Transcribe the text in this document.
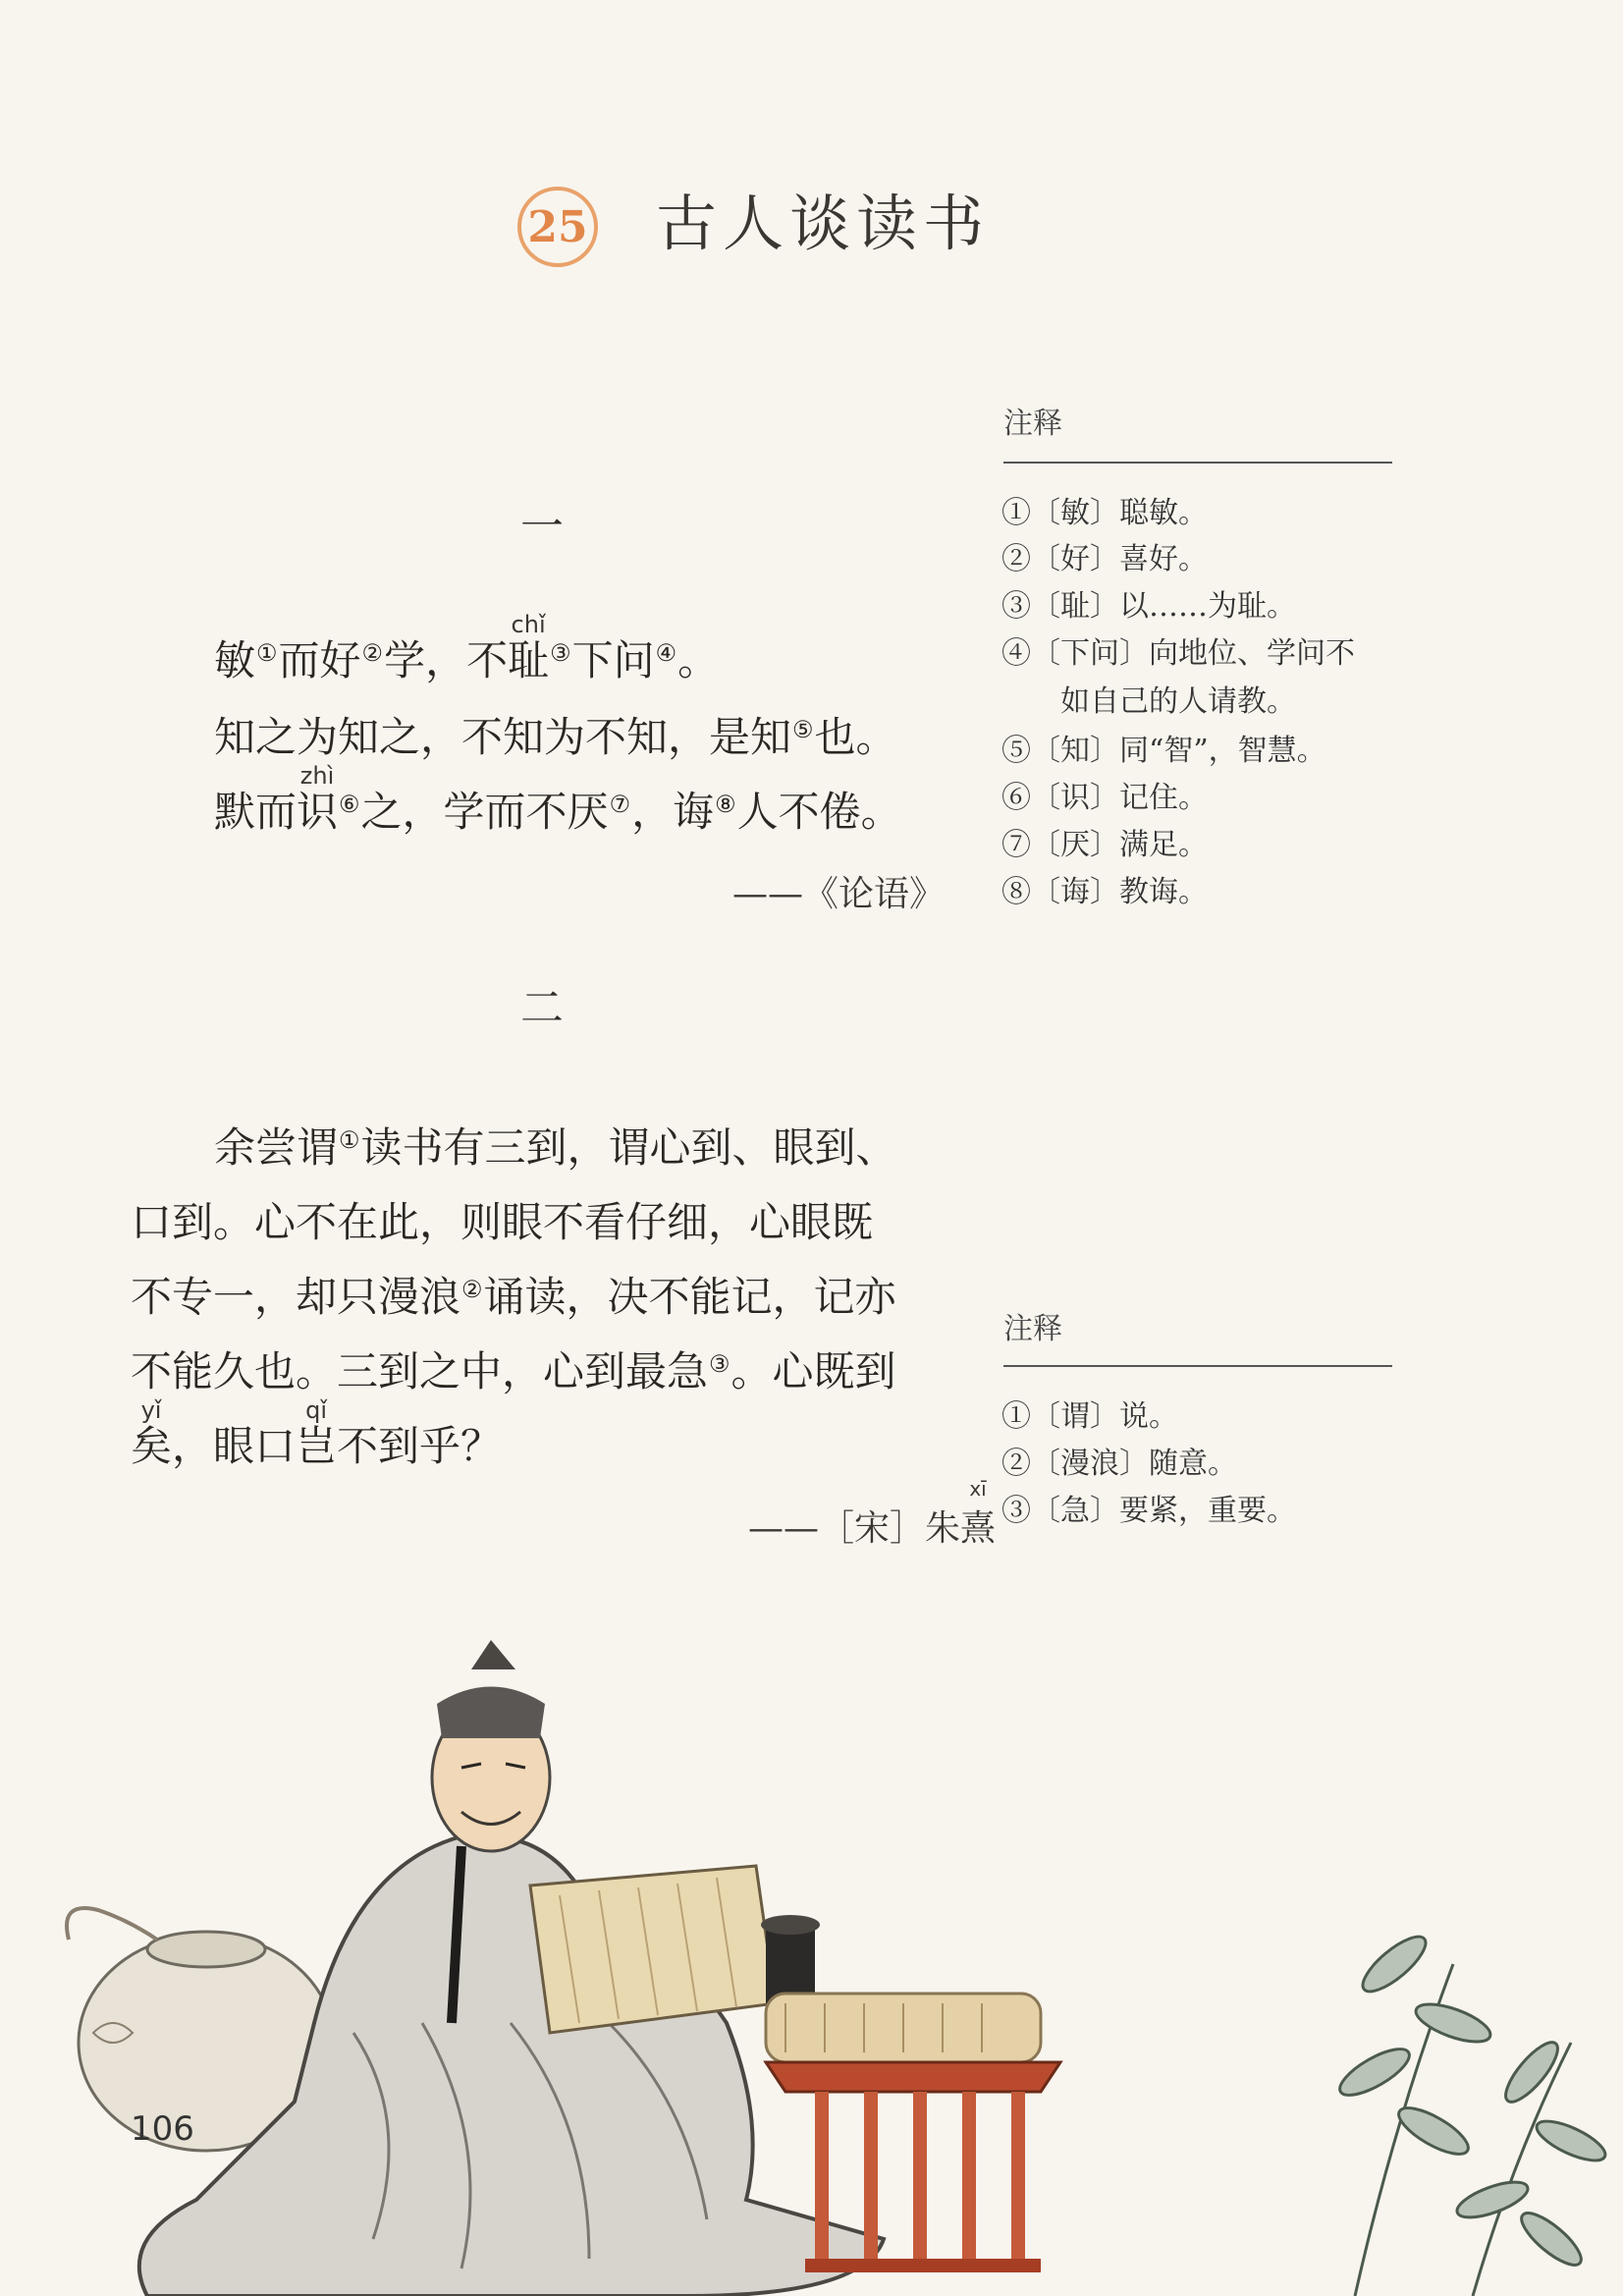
25 古人谈读书
一
敏①而好②学，不
chǐ
耻③下问④。
知之为知之，不知为不知，是知⑤也。
默而
zhì
识⑥之，学而不厌⑦，诲⑧人不倦。
——《论语》
二
余尝谓①读书有三到，谓心到、眼到、
口到。心不在此，则眼不看仔细，心眼既
不专一，却只漫浪②诵读，决不能记，记亦
不能久也。三到之中，心到最急③。心既到
yǐ
矣，眼口
qǐ
岂不到乎？
——［宋］朱
xī
熹
注释
①〔敏〕聪敏。
②〔好〕喜好。
③〔耻〕以……为耻。
④〔下问〕向地位、学问不
如自己的人请教。
⑤〔知〕同“智”，智慧。
⑥〔识〕记住。
⑦〔厌〕满足。
⑧〔诲〕教诲。
注释
①〔谓〕说。
②〔漫浪〕随意。
③〔急〕要紧，重要。
106
